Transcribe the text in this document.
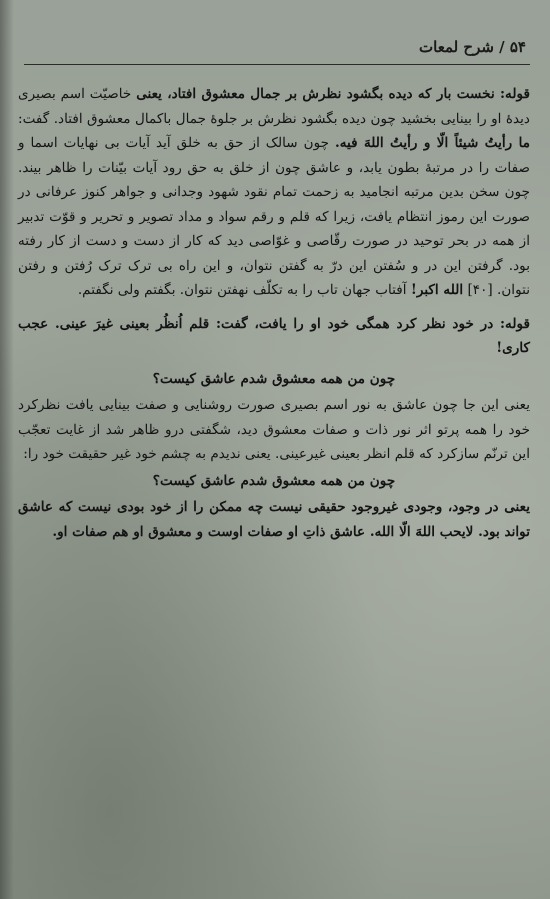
۵۴ / شرح لمعات

قوله: نخست بار که دیده بگشود نظرش بر جمال معشوق افتاد، یعنی خاصیّت اسم بصیری دیدهٔ او را بینایی بخشید چون دیده بگشود نظرش بر جلوهٔ جمال باکمال معشوق افتاد. گفت: ما رأیتُ شیئاً الّا و رأیتُ اللهَ فیه. چون سالک از حق به خلق آید آیات بی نهایات اسما و صفات را در مرتبهٔ بطون یابد، و عاشق چون از خلق به حق رود آیات بیّنات را ظاهر بیند. چون سخن بدین مرتبه انجامید به زحمت تمام نقود شهود وجدانی و جواهر کنوز عرفانی در صورت این رموز انتظام یافت، زیرا که قلم و رقم سواد و مداد تصویر و تحریر و قوّت تدبیر از همه در بحر توحید در صورت رقّاصی و غوّاصی دید که کار از دست و دست از کار رفته بود. گرفتن این در و سُفتن این درّ به گفتن نتوان، و این راه بی ترک ترک رُفتن و رفتن نتوان. [۴۰] الله اکبر! آفتاب جهان تاب را به تکلّف نهفتن نتوان. بگفتم ولی نگفتم.

قوله: در خود نظر کرد همگی خود او را یافت، گفت: قلم اُنظُر بعینی غیرَ عینی. عجب کاری!

چون من همه معشوق شدم عاشق کیست؟

یعنی این جا چون عاشق به نور اسم بصیری صورت روشنایی و صفت بینایی یافت نظرکرد خود را همه پرتو اثر نور ذات و صفات معشوق دید، شگفتی درو ظاهر شد از غایت تعجّب این ترنّم سازکرد که قلم انظر بعینی غیرعینی. یعنی ندیدم به چشم خود غیر حقیقت خود را:

چون من همه معشوق شدم عاشق کیست؟

یعنی در وجود، وجودی غیروجود حقیقی نیست چه ممکن را از خود بودی نیست که عاشق تواند بود. لایحب اللهَ الّا الله. عاشق ذاتِ او صفات اوست و معشوق او هم صفات او.
